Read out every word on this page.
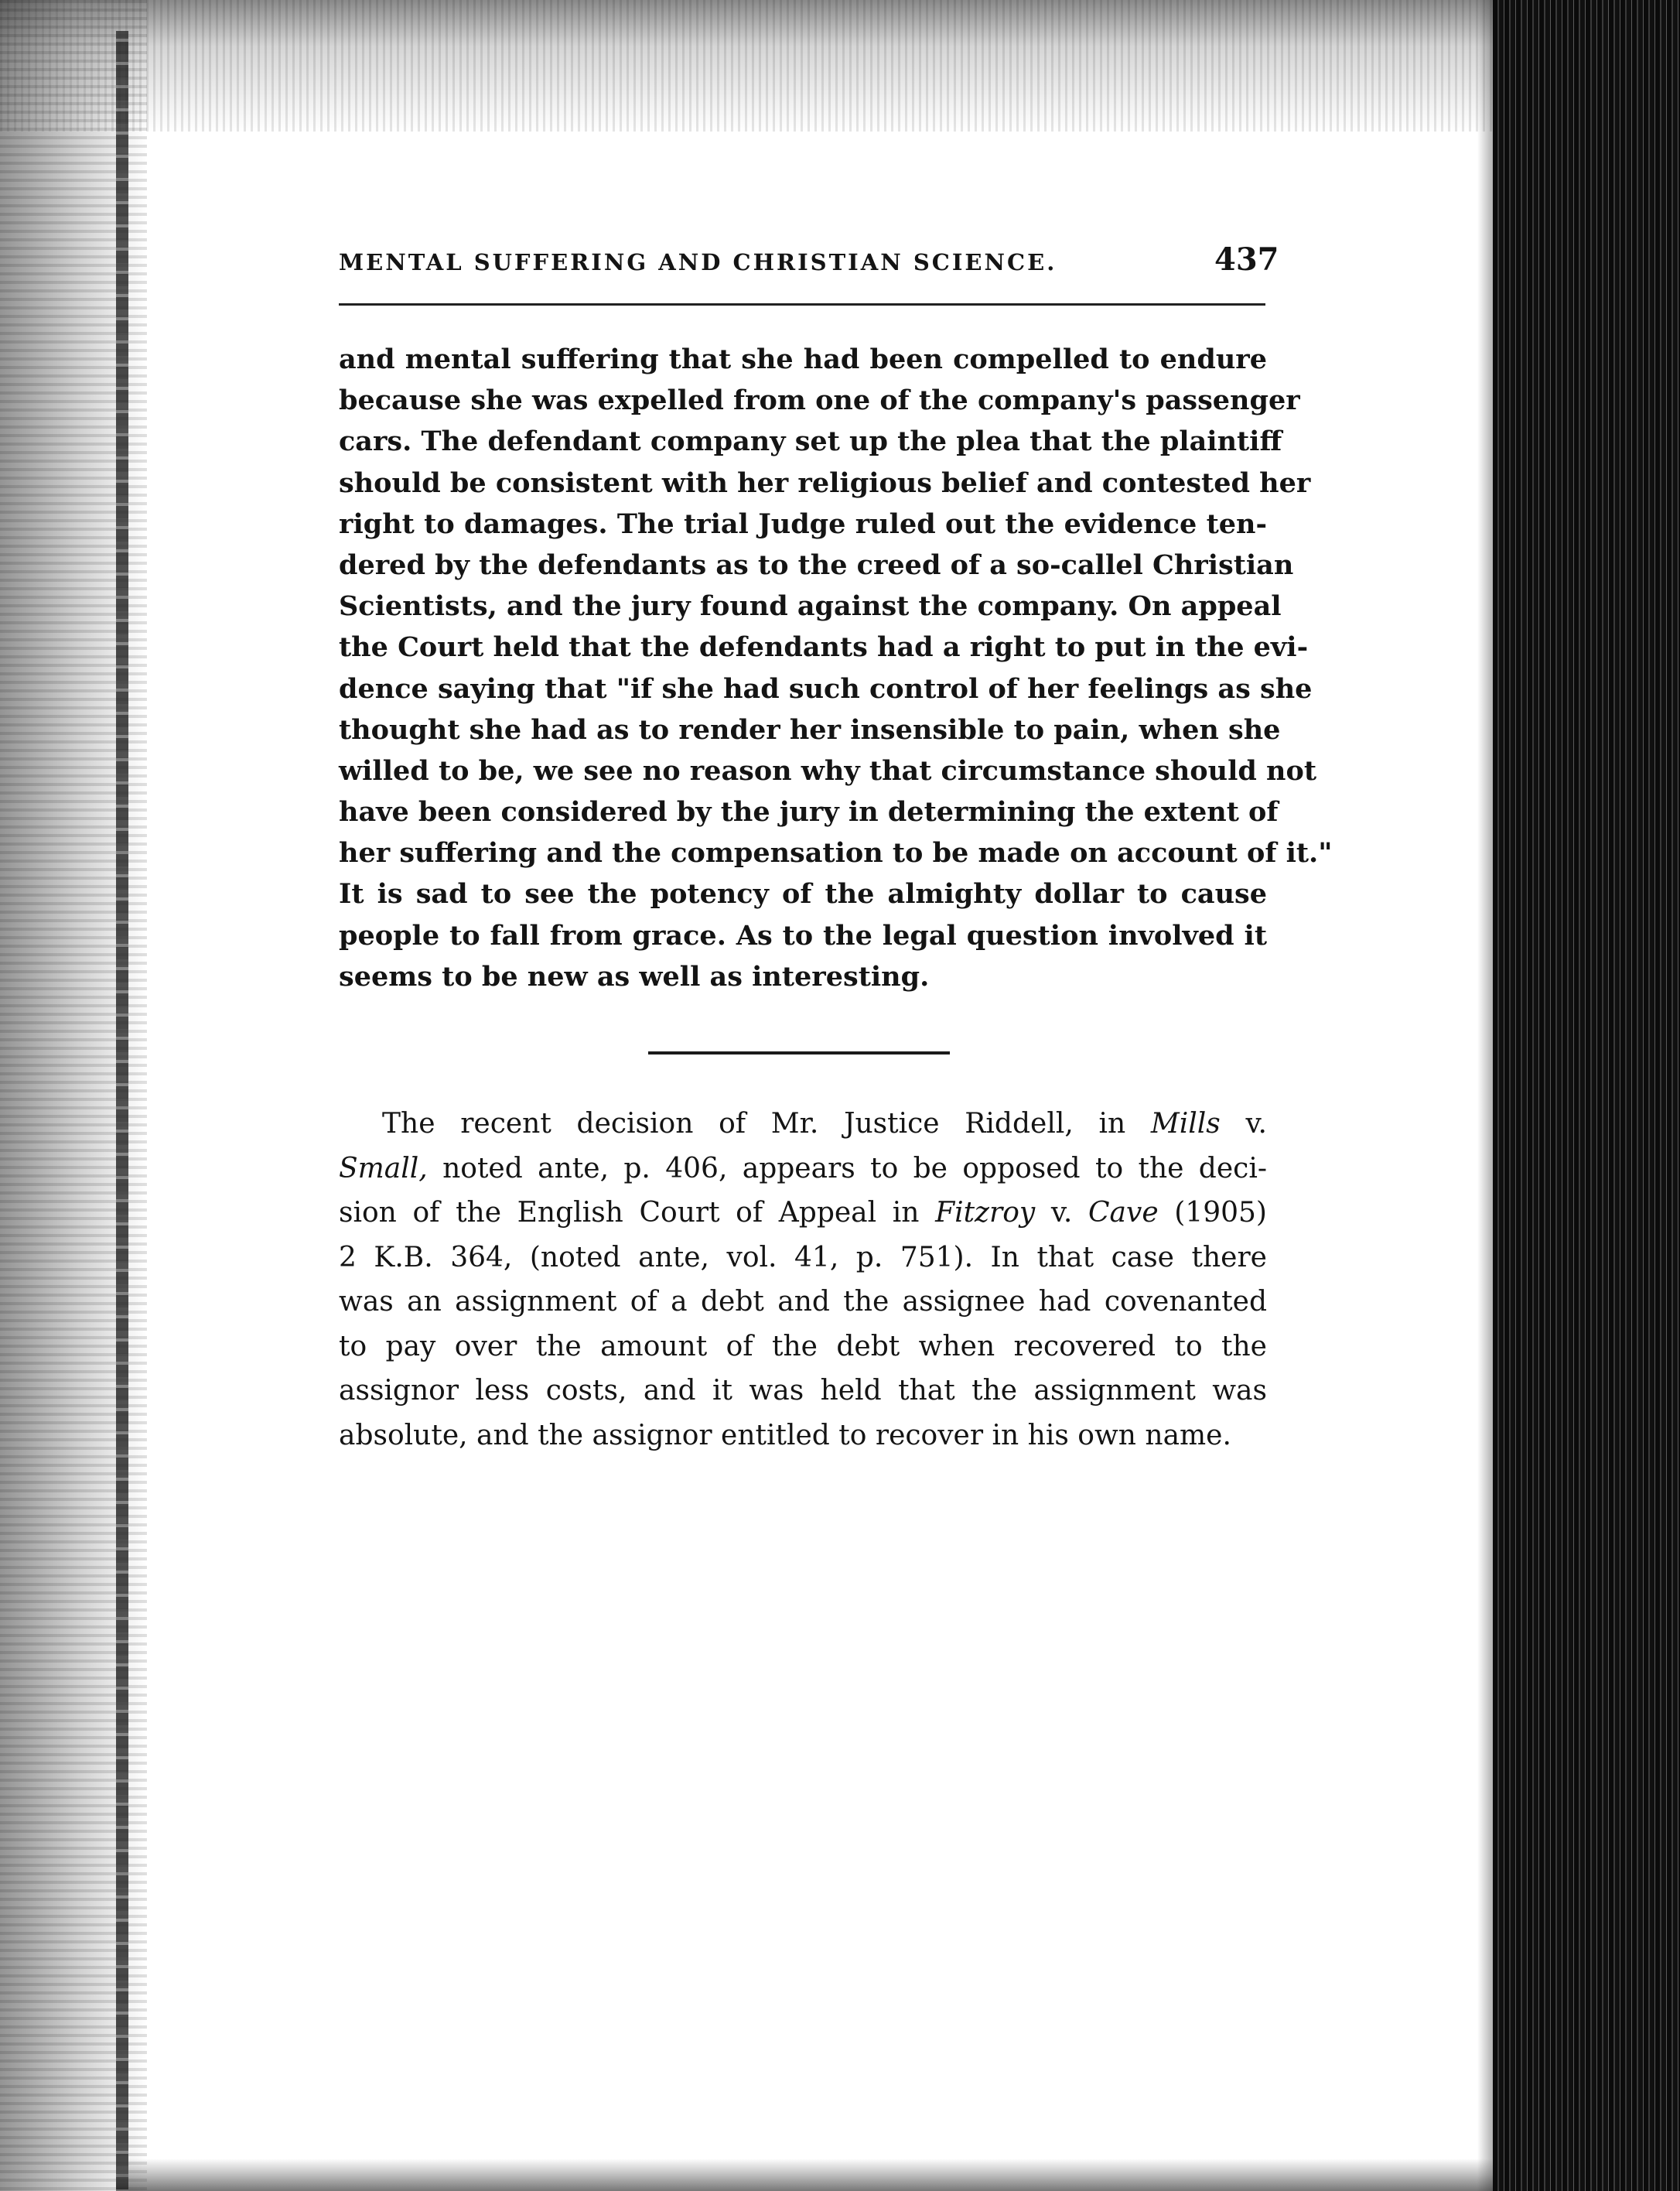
MENTAL SUFFERING AND CHRISTIAN SCIENCE.	437
and mental suffering that she had been compelled to endure
because she was expelled from one of the company's passenger
cars. The defendant company set up the plea that the plaintiff
should be consistent with her religious belief and contested her
right to damages. The trial Judge ruled out the evidence ten-
dered by the defendants as to the creed of a so-callel Christian
Scientists, and the jury found against the company. On appeal
the Court held that the defendants had a right to put in the evi-
dence saying that "if she had such control of her feelings as she
thought she had as to render her insensible to pain, when she
willed to be, we see no reason why that circumstance should not
have been considered by the jury in determining the extent of
her suffering and the compensation to be made on account of it."
It is sad to see the potency of the almighty dollar to cause
people to fall from grace. As to the legal question involved it
seems to be new as well as interesting.
The recent decision of Mr. Justice Riddell, in Mills v.
Small, noted ante, p. 406, appears to be opposed to the deci-
sion of the English Court of Appeal in Fitzroy v. Cave (1905)
2 K.B. 364, (noted ante, vol. 41, p. 751). In that case there
was an assignment of a debt and the assignee had covenanted
to pay over the amount of the debt when recovered to the
assignor less costs, and it was held that the assignment was
absolute, and the assignor entitled to recover in his own name.
